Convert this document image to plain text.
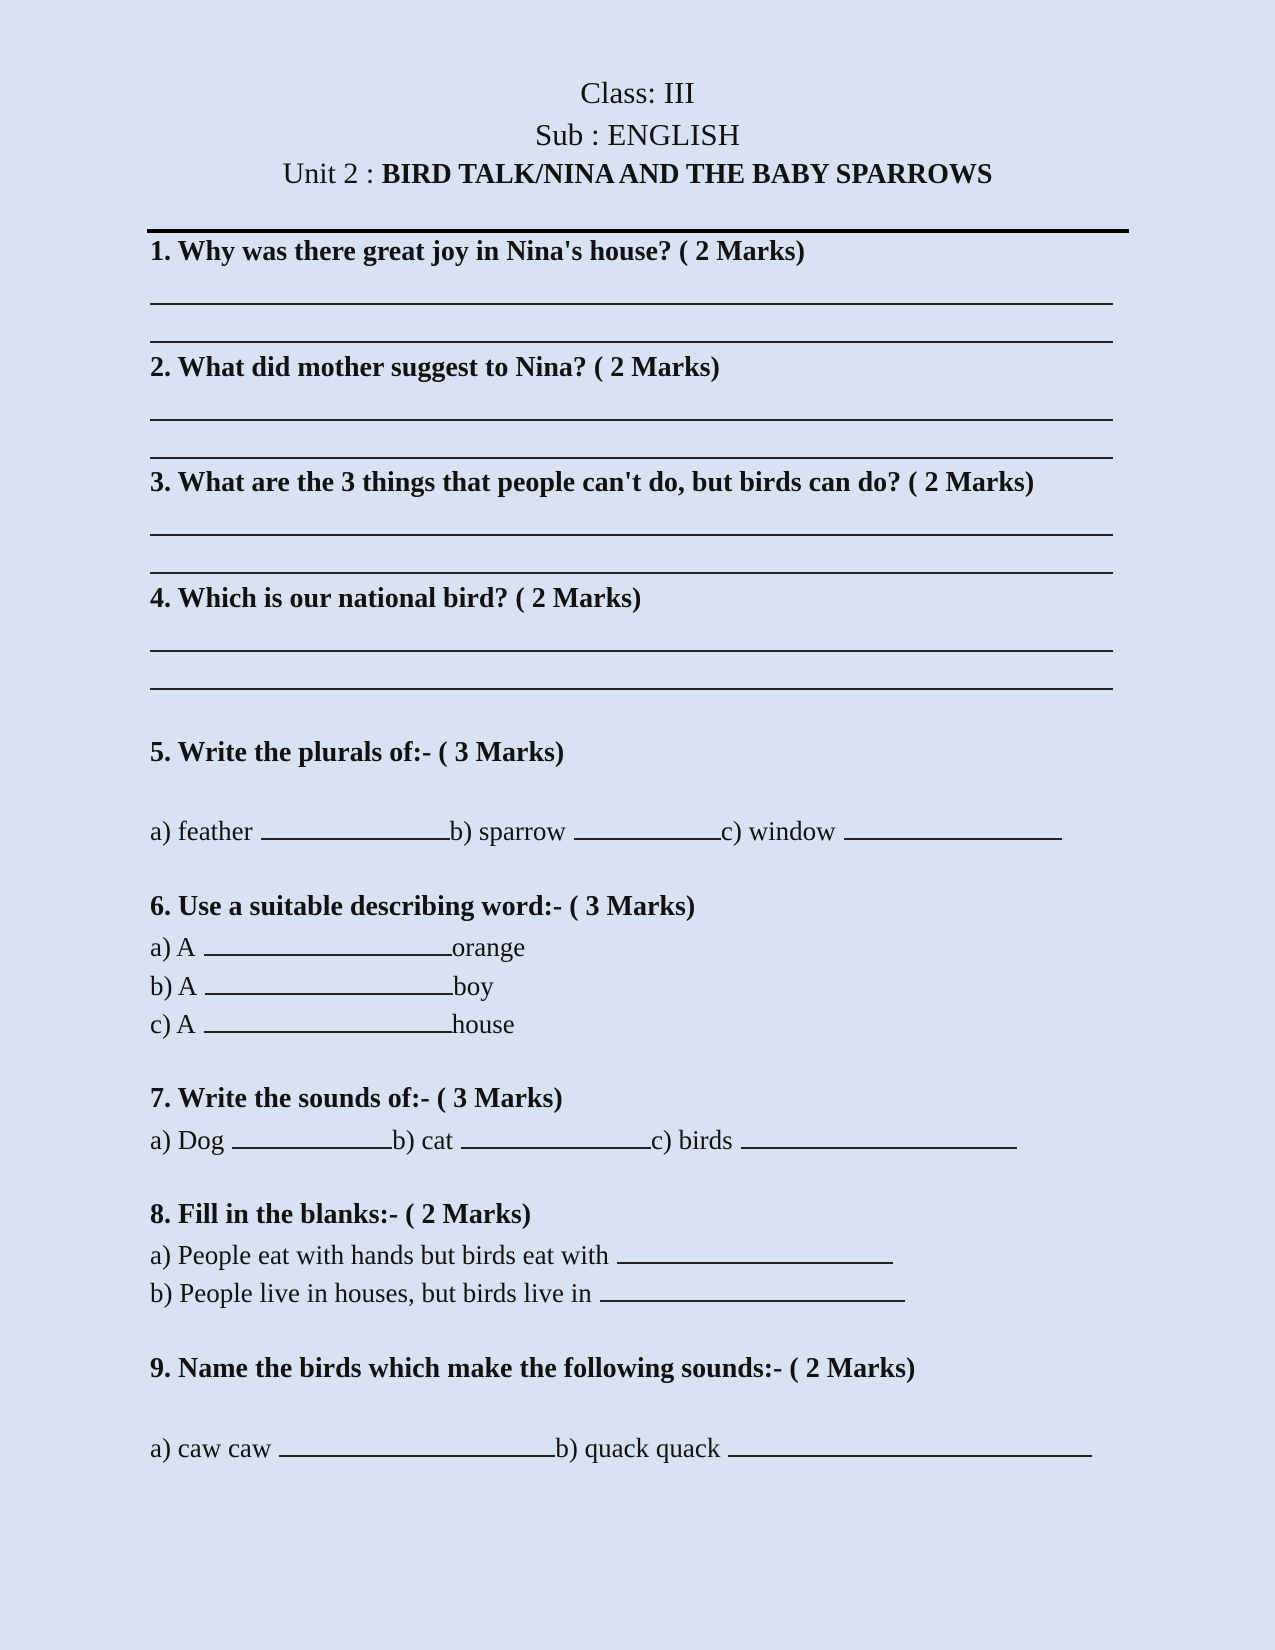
Class: III
Sub : ENGLISH
Unit 2 : BIRD TALK/NINA AND THE BABY SPARROWS
1. Why was there great joy in Nina's house? ( 2 Marks)
2. What did mother suggest to Nina? ( 2 Marks)
3. What are the 3 things that people can't do, but birds can do? ( 2 Marks)
4. Which is our national bird? ( 2 Marks)
5. Write the plurals of:- ( 3 Marks)
a) feather	b) sparrow	c) window
6. Use a suitable describing word:- ( 3 Marks)
a) A	orange
b) A	boy
c) A	house
7. Write the sounds of:- ( 3 Marks)
a) Dog	b) cat	c) birds
8. Fill in the blanks:- ( 2 Marks)
a) People eat with hands but birds eat with
b) People live in houses, but birds live in
9. Name the birds which make the following sounds:- ( 2 Marks)
a) caw caw	b) quack quack
